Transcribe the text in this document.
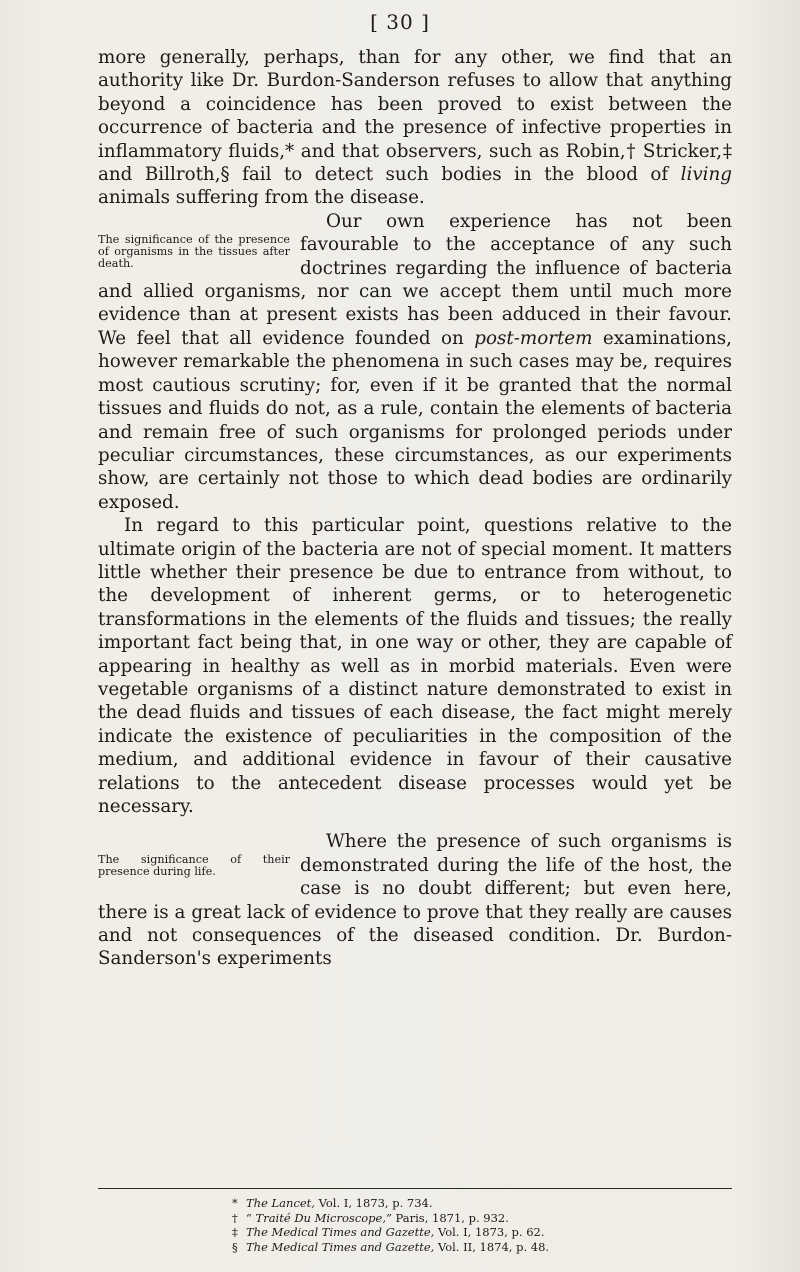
[ 30 ]

more generally, perhaps, than for any other, we find that an authority like Dr. Burdon-Sanderson refuses to allow that anything beyond a coincidence has been proved to exist between the occurrence of bacteria and the presence of infective properties in inflammatory fluids,* and that observers, such as Robin,† Stricker,‡ and Billroth,§ fail to detect such bodies in the blood of living animals suffering from the disease.

The significance of the presence of organisms in the tissues after death.
Our own experience has not been favourable to the acceptance of any such doctrines regarding the influence of bacteria and allied organisms, nor can we accept them until much more evidence than at present exists has been adduced in their favour. We feel that all evidence founded on post-mortem examinations, however remarkable the phenomena in such cases may be, requires most cautious scrutiny; for, even if it be granted that the normal tissues and fluids do not, as a rule, contain the elements of bacteria and remain free of such organisms for prolonged periods under peculiar circumstances, these circumstances, as our experiments show, are certainly not those to which dead bodies are ordinarily exposed.

In regard to this particular point, questions relative to the ultimate origin of the bacteria are not of special moment. It matters little whether their presence be due to entrance from without, to the development of inherent germs, or to heterogenetic transformations in the elements of the fluids and tissues; the really important fact being that, in one way or other, they are capable of appearing in healthy as well as in morbid materials. Even were vegetable organisms of a distinct nature demonstrated to exist in the dead fluids and tissues of each disease, the fact might merely indicate the existence of peculiarities in the composition of the medium, and additional evidence in favour of their causative relations to the antecedent disease processes would yet be necessary.

The significance of their presence during life.
Where the presence of such organisms is demonstrated during the life of the host, the case is no doubt different; but even here, there is a great lack of evidence to prove that they really are causes and not consequences of the diseased condition. Dr. Burdon-Sanderson's experiments

* The Lancet, Vol. I, 1873, p. 734.
† “ Traité Du Microscope,” Paris, 1871, p. 932.
‡ The Medical Times and Gazette, Vol. I, 1873, p. 62.
§ The Medical Times and Gazette, Vol. II, 1874, p. 48.
